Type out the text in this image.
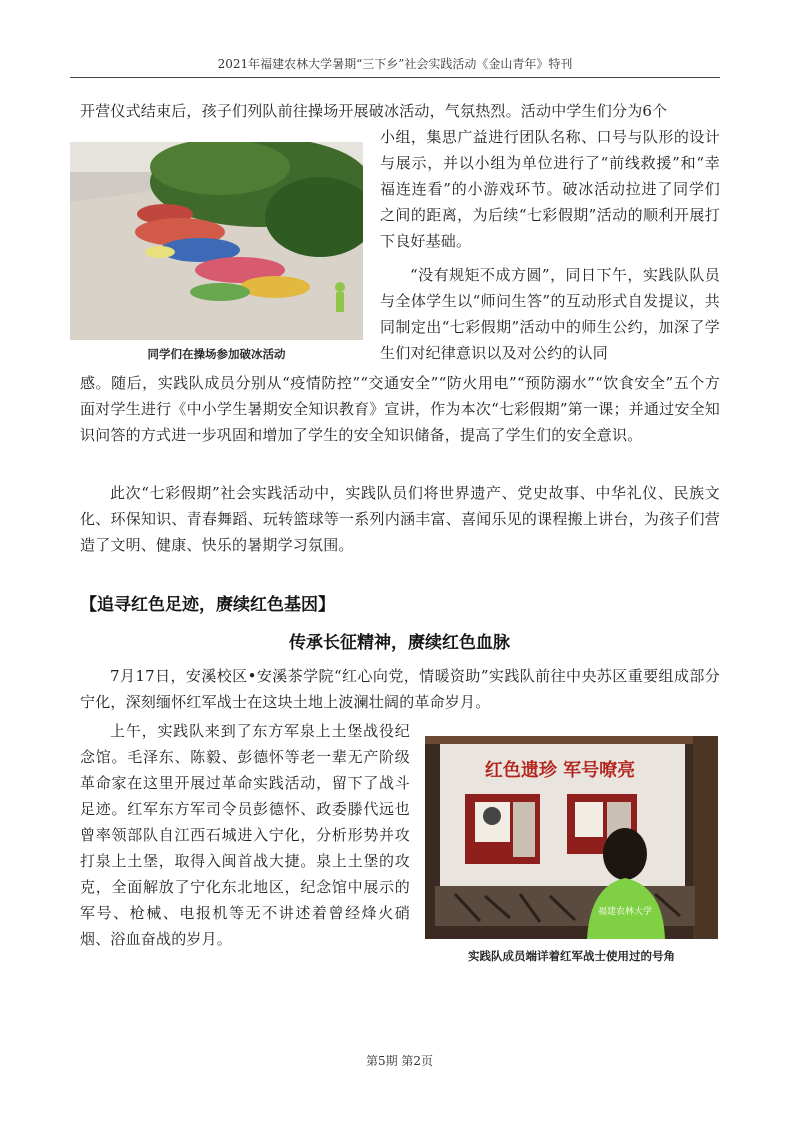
2021年福建农林大学暑期“三下乡”社会实践活动《金山青年》特刊

开营仪式结束后，孩子们列队前往操场开展破冰活动，气氛热烈。活动中学生们分为6个

同学们在操场参加破冰活动

小组，集思广益进行团队名称、口号与队形的设计与展示，并以小组为单位进行了“前线救援”和“幸福连连看”的小游戏环节。破冰活动拉进了同学们之间的距离，为后续“七彩假期”活动的顺利开展打下良好基础。

“没有规矩不成方圆”，同日下午，实践队队员与全体学生以“师问生答”的互动形式自发提议，共同制定出“七彩假期”活动中的师生公约，加深了学生们对纪律意识以及对公约的认同

感。随后，实践队成员分别从“疫情防控”“交通安全”“防火用电”“预防溺水”“饮食安全”五个方面对学生进行《中小学生暑期安全知识教育》宣讲，作为本次“七彩假期”第一课；并通过安全知识问答的方式进一步巩固和增加了学生的安全知识储备，提高了学生们的安全意识。

此次“七彩假期”社会实践活动中，实践队员们将世界遗产、党史故事、中华礼仪、民族文化、环保知识、青春舞蹈、玩转篮球等一系列内涵丰富、喜闻乐见的课程搬上讲台，为孩子们营造了文明、健康、快乐的暑期学习氛围。

【追寻红色足迹，赓续红色基因】
传承长征精神，赓续红色血脉

7月17日，安溪校区•安溪茶学院“红心向党，情暖资助”实践队前往中央苏区重要组成部分宁化，深刻缅怀红军战士在这块土地上波澜壮阔的革命岁月。

上午，实践队来到了东方军泉上土堡战役纪念馆。毛泽东、陈毅、彭德怀等老一辈无产阶级革命家在这里开展过革命实践活动，留下了战斗足迹。红军东方军司令员彭德怀、政委滕代远也曾率领部队自江西石城进入宁化，分析形势并攻打泉上土堡，取得入闽首战大捷。泉上土堡的攻克，全面解放了宁化东北地区，纪念馆中展示的军号、枪械、电报机等无不讲述着曾经烽火硝烟、浴血奋战的岁月。

红色遗珍 军号嘹亮
福建农林大学
实践队成员端详着红军战士使用过的号角
第5期 第2页
